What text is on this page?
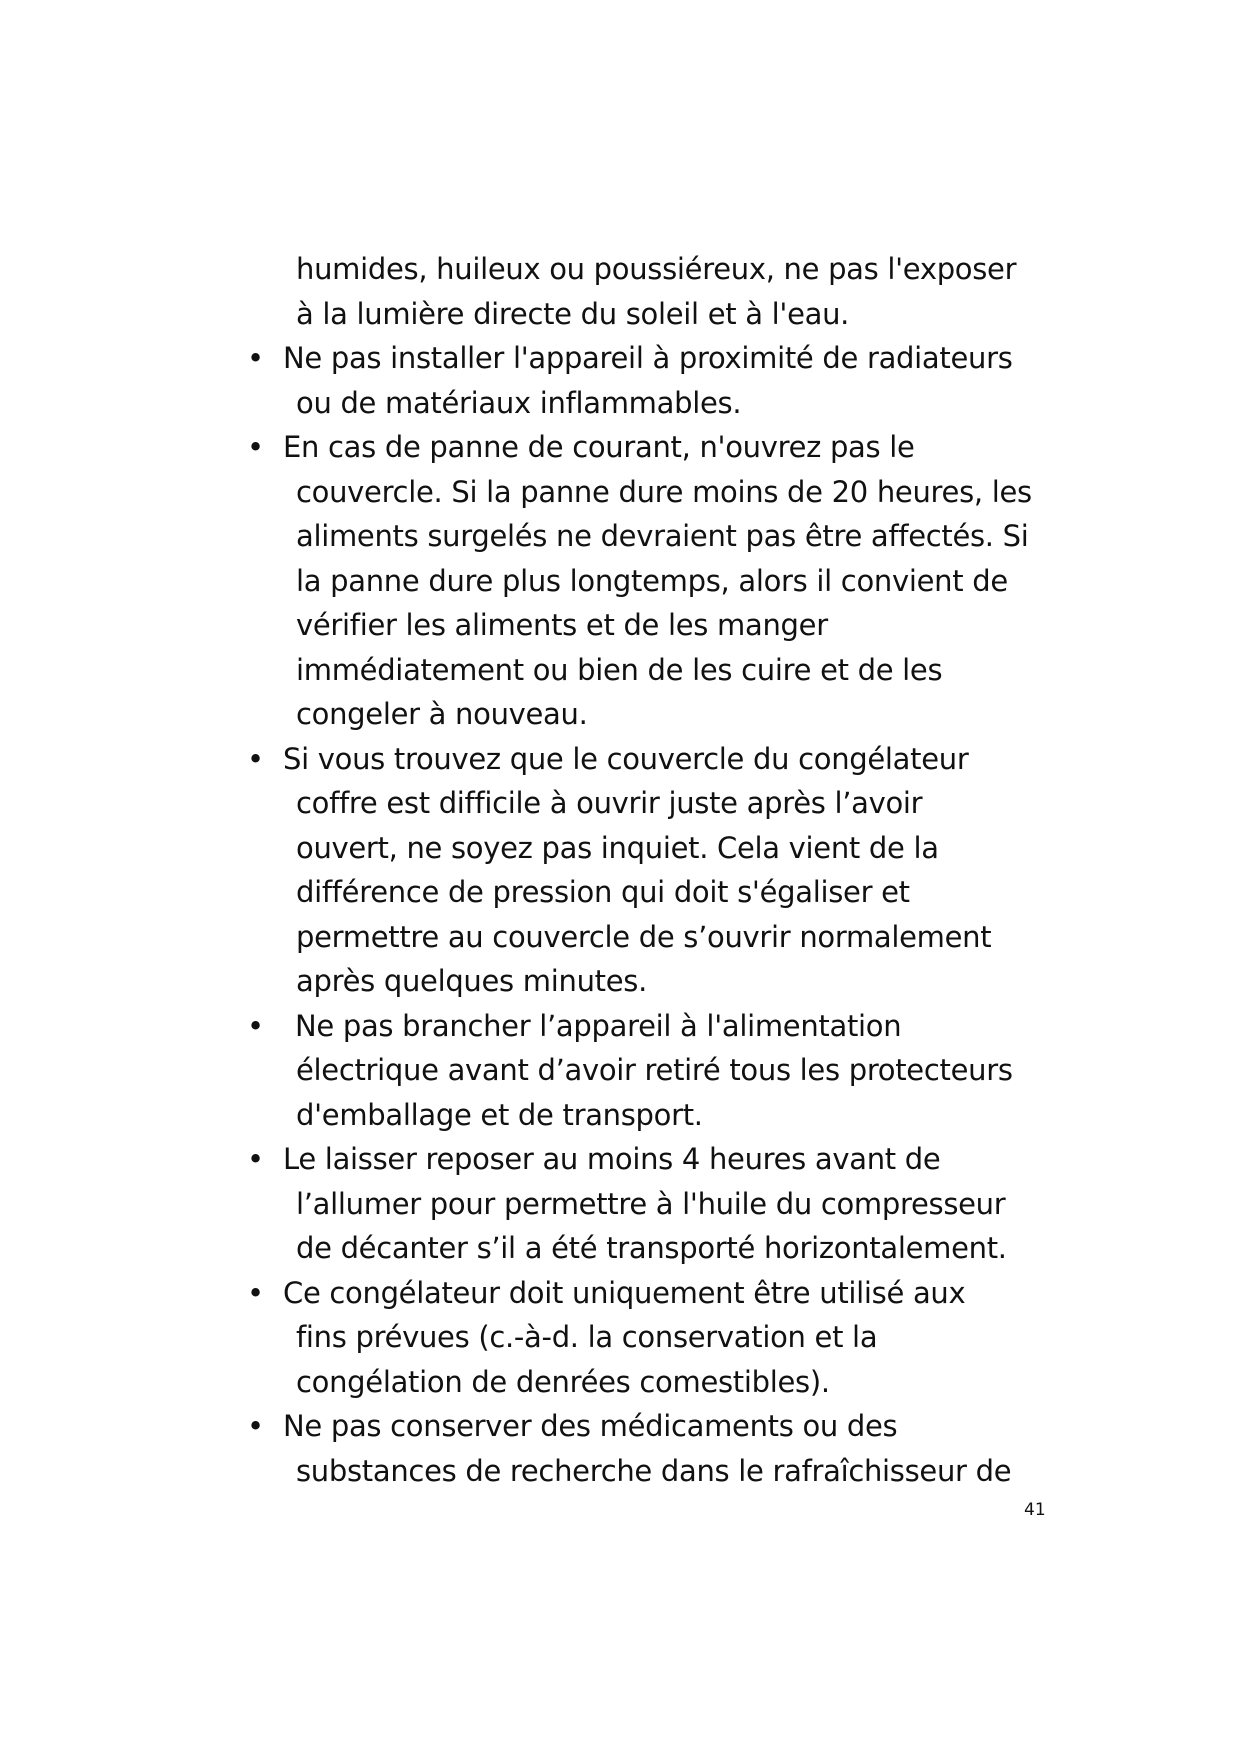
humides, huileux ou poussiéreux, ne pas l'exposer
à la lumière directe du soleil et à l'eau.
• Ne pas installer l'appareil à proximité de radiateurs
ou de matériaux inflammables.
• En cas de panne de courant, n'ouvrez pas le
couvercle. Si la panne dure moins de 20 heures, les
aliments surgelés ne devraient pas être affectés. Si
la panne dure plus longtemps, alors il convient de
vérifier les aliments et de les manger
immédiatement ou bien de les cuire et de les
congeler à nouveau.
• Si vous trouvez que le couvercle du congélateur
coffre est difficile à ouvrir juste après l’avoir
ouvert, ne soyez pas inquiet. Cela vient de la
différence de pression qui doit s'égaliser et
permettre au couvercle de s’ouvrir normalement
après quelques minutes.
• Ne pas brancher l’appareil à l'alimentation
électrique avant d’avoir retiré tous les protecteurs
d'emballage et de transport.
• Le laisser reposer au moins 4 heures avant de
l’allumer pour permettre à l'huile du compresseur
de décanter s’il a été transporté horizontalement.
• Ce congélateur doit uniquement être utilisé aux
fins prévues (c.-à-d. la conservation et la
congélation de denrées comestibles).
• Ne pas conserver des médicaments ou des
substances de recherche dans le rafraîchisseur de
41
